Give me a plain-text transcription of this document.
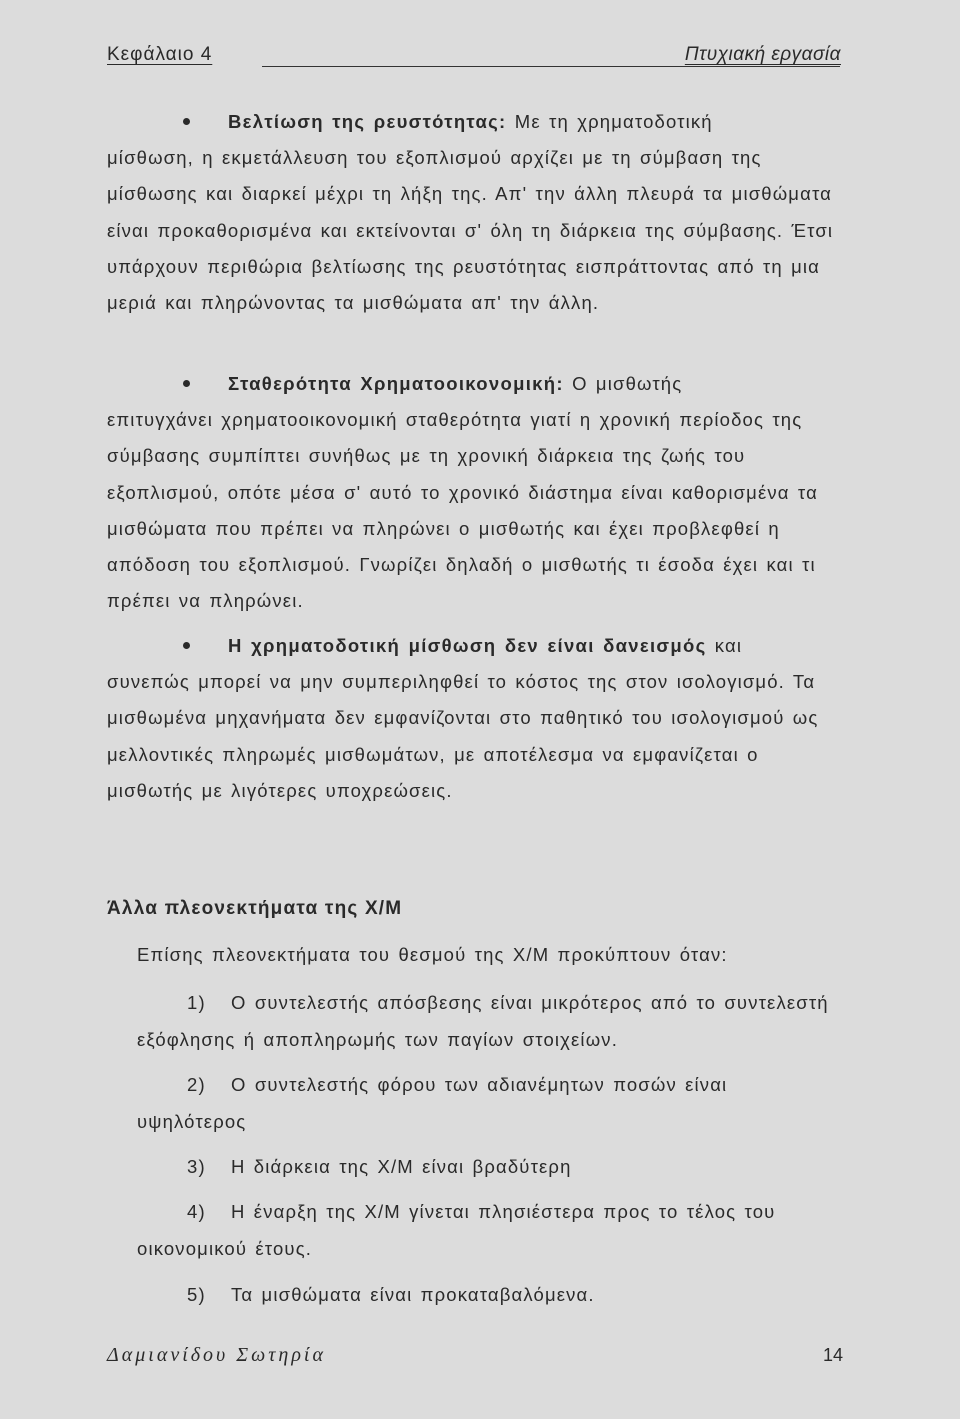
Κεφάλαιο 4	Πτυχιακή εργασία
Βελτίωση της ρευστότητας: Με τη χρηματοδοτική
μίσθωση, η εκμετάλλευση του εξοπλισμού αρχίζει με τη σύμβαση της μίσθωσης και διαρκεί μέχρι τη λήξη της. Απ' την άλλη πλευρά τα μισθώματα είναι προκαθορισμένα και εκτείνονται σ' όλη τη διάρκεια της σύμβασης. Έτσι υπάρχουν περιθώρια βελτίωσης της ρευστότητας εισπράττοντας από τη μια μεριά και πληρώνοντας τα μισθώματα απ' την άλλη.
Σταθερότητα Χρηματοοικονομική: Ο μισθωτής
επιτυγχάνει χρηματοοικονομική σταθερότητα γιατί η χρονική περίοδος της σύμβασης συμπίπτει συνήθως με τη χρονική διάρκεια της ζωής του εξοπλισμού, οπότε μέσα σ' αυτό το χρονικό διάστημα είναι καθορισμένα τα μισθώματα που πρέπει να πληρώνει ο μισθωτής και έχει προβλεφθεί η απόδοση του εξοπλισμού. Γνωρίζει δηλαδή ο μισθωτής τι έσοδα έχει και τι πρέπει να πληρώνει.
Η χρηματοδοτική μίσθωση δεν είναι δανεισμός και
συνεπώς μπορεί να μην συμπεριληφθεί το κόστος της στον ισολογισμό. Τα μισθωμένα μηχανήματα δεν εμφανίζονται στο παθητικό του ισολογισμού ως μελλοντικές πληρωμές μισθωμάτων, με αποτέλεσμα να εμφανίζεται ο μισθωτής με λιγότερες υποχρεώσεις.
Άλλα πλεονεκτήματα της Χ/Μ
Επίσης πλεονεκτήματα του θεσμού της Χ/Μ προκύπτουν όταν:
1) Ο συντελεστής απόσβεσης είναι μικρότερος από το συντελεστή εξόφλησης ή αποπληρωμής των παγίων στοιχείων.
2) Ο συντελεστής φόρου των αδιανέμητων ποσών είναι υψηλότερος
3) Η διάρκεια της Χ/Μ είναι βραδύτερη
4) Η έναρξη της Χ/Μ γίνεται πλησιέστερα προς το τέλος του οικονομικού έτους.
5) Τα μισθώματα είναι προκαταβαλόμενα.
Δαμιανίδου Σωτηρία	14
